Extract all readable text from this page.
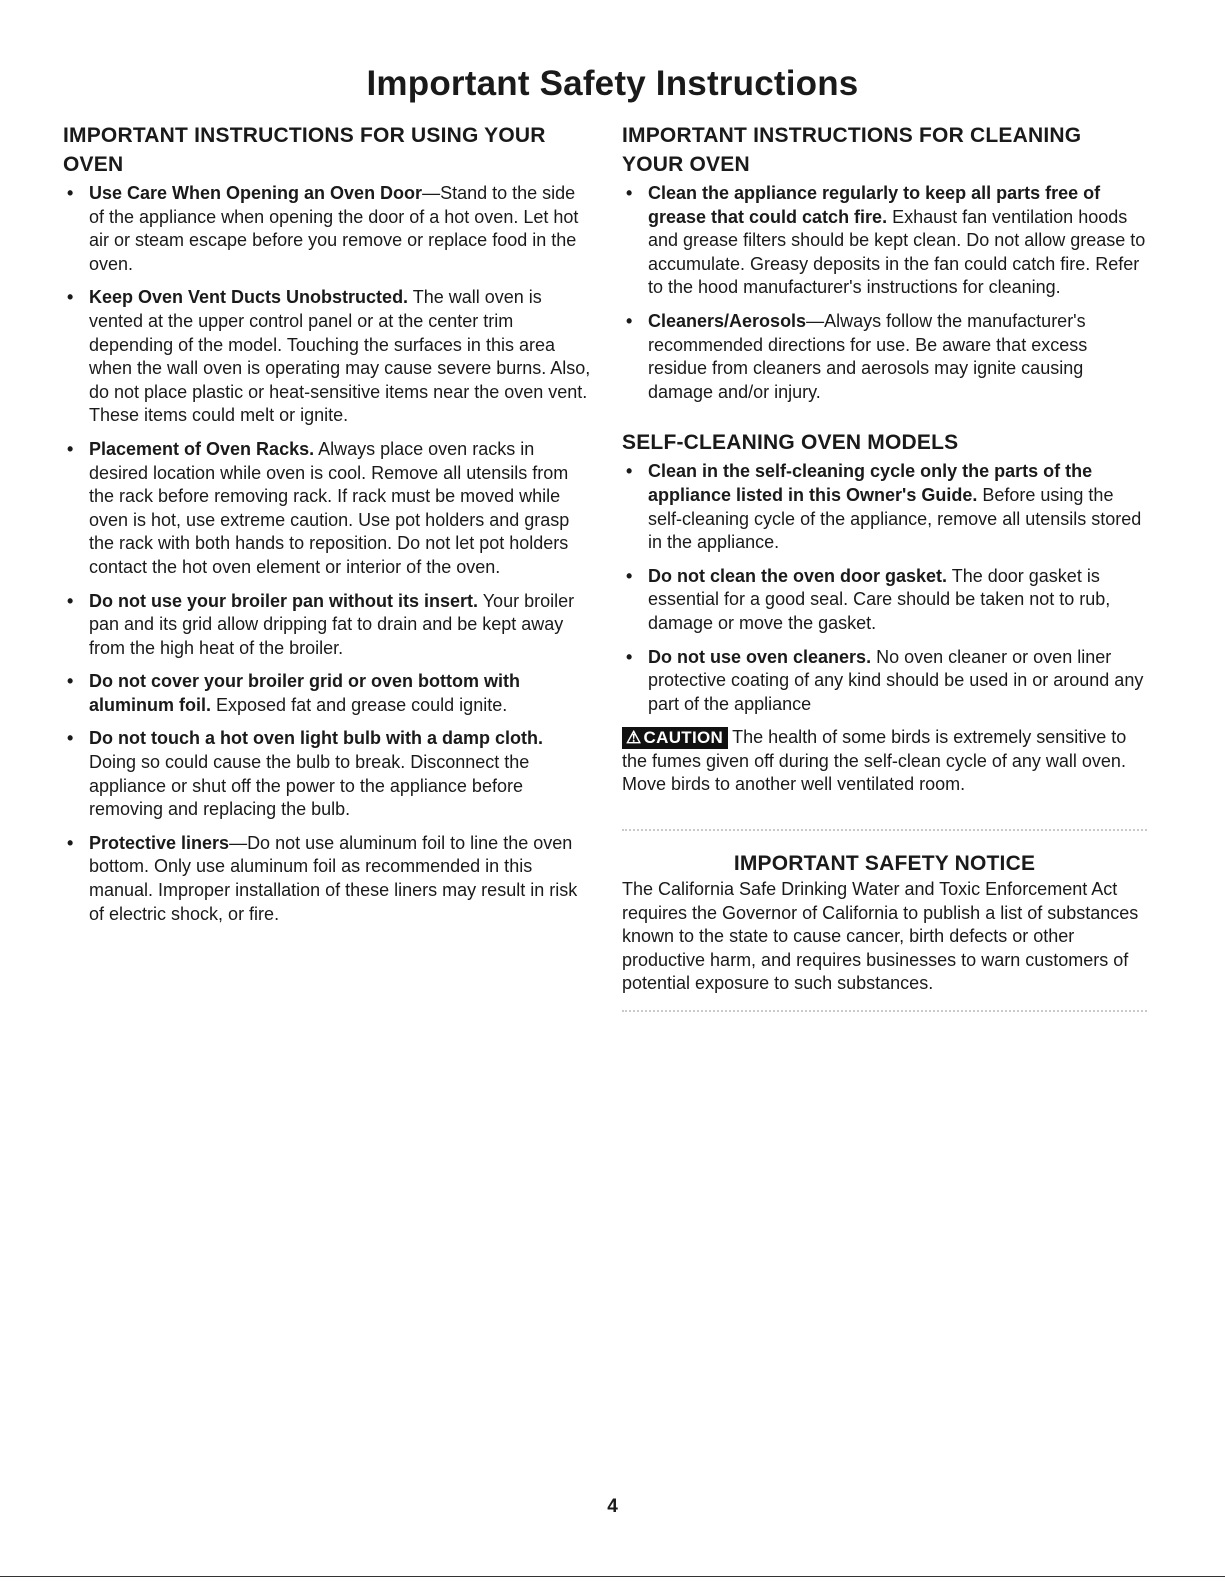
Important Safety Instructions
IMPORTANT INSTRUCTIONS FOR USING YOUR OVEN
• Use Care When Opening an Oven Door—Stand to the side of the appliance when opening the door of a hot oven. Let hot air or steam escape before you remove or replace food in the oven.
• Keep Oven Vent Ducts Unobstructed. The wall oven is vented at the upper control panel or at the center trim depending of the model. Touching the surfaces in this area when the wall oven is operating may cause severe burns. Also, do not place plastic or heat-sensitive items near the oven vent. These items could melt or ignite.
• Placement of Oven Racks. Always place oven racks in desired location while oven is cool. Remove all utensils from the rack before removing rack. If rack must be moved while oven is hot, use extreme caution. Use pot holders and grasp the rack with both hands to reposition. Do not let pot holders contact the hot oven element or interior of the oven.
• Do not use your broiler pan without its insert. Your broiler pan and its grid allow dripping fat to drain and be kept away from the high heat of the broiler.
• Do not cover your broiler grid or oven bottom with aluminum foil. Exposed fat and grease could ignite.
• Do not touch a hot oven light bulb with a damp cloth. Doing so could cause the bulb to break. Disconnect the appliance or shut off the power to the appliance before removing and replacing the bulb.
• Protective liners—Do not use aluminum foil to line the oven bottom. Only use aluminum foil as recommended in this manual. Improper installation of these liners may result in risk of electric shock, or fire.
IMPORTANT INSTRUCTIONS FOR CLEANING YOUR OVEN
• Clean the appliance regularly to keep all parts free of grease that could catch fire. Exhaust fan ventilation hoods and grease filters should be kept clean. Do not allow grease to accumulate. Greasy deposits in the fan could catch fire. Refer to the hood manufacturer's instructions for cleaning.
• Cleaners/Aerosols—Always follow the manufacturer's recommended directions for use. Be aware that excess residue from cleaners and aerosols may ignite causing damage and/or injury.
SELF-CLEANING OVEN MODELS
• Clean in the self-cleaning cycle only the parts of the appliance listed in this Owner's Guide. Before using the self-cleaning cycle of the appliance, remove all utensils stored in the appliance.
• Do not clean the oven door gasket. The door gasket is essential for a good seal. Care should be taken not to rub, damage or move the gasket.
• Do not use oven cleaners. No oven cleaner or oven liner protective coating of any kind should be used in or around any part of the appliance

⚠ CAUTION The health of some birds is extremely sensitive to the fumes given off during the self-clean cycle of any wall oven. Move birds to another well ventilated room.

IMPORTANT SAFETY NOTICE

The California Safe Drinking Water and Toxic Enforcement Act requires the Governor of California to publish a list of substances known to the state to cause cancer, birth defects or other productive harm, and requires businesses to warn customers of potential exposure to such substances.

4
